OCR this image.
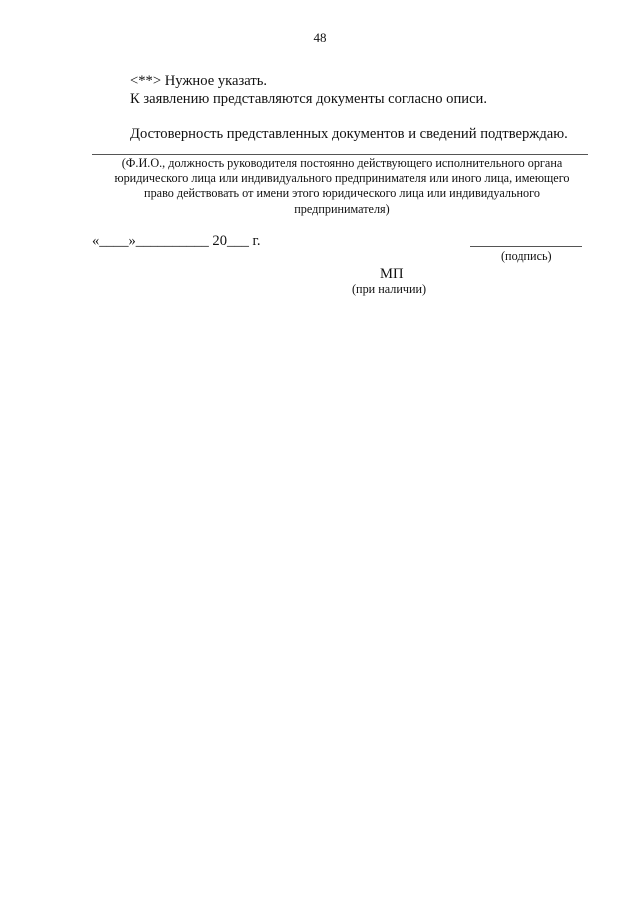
48
<**> Нужное указать.
К заявлению представляются документы согласно описи.
Достоверность представленных документов и сведений подтверждаю.
(Ф.И.О., должность руководителя постоянно действующего исполнительного органа
юридического лица или индивидуального предпринимателя или иного лица, имеющего
право действовать от имени этого юридического лица или индивидуального
предпринимателя)
«____»__________ 20___ г.
(подпись)
МП
(при наличии)
